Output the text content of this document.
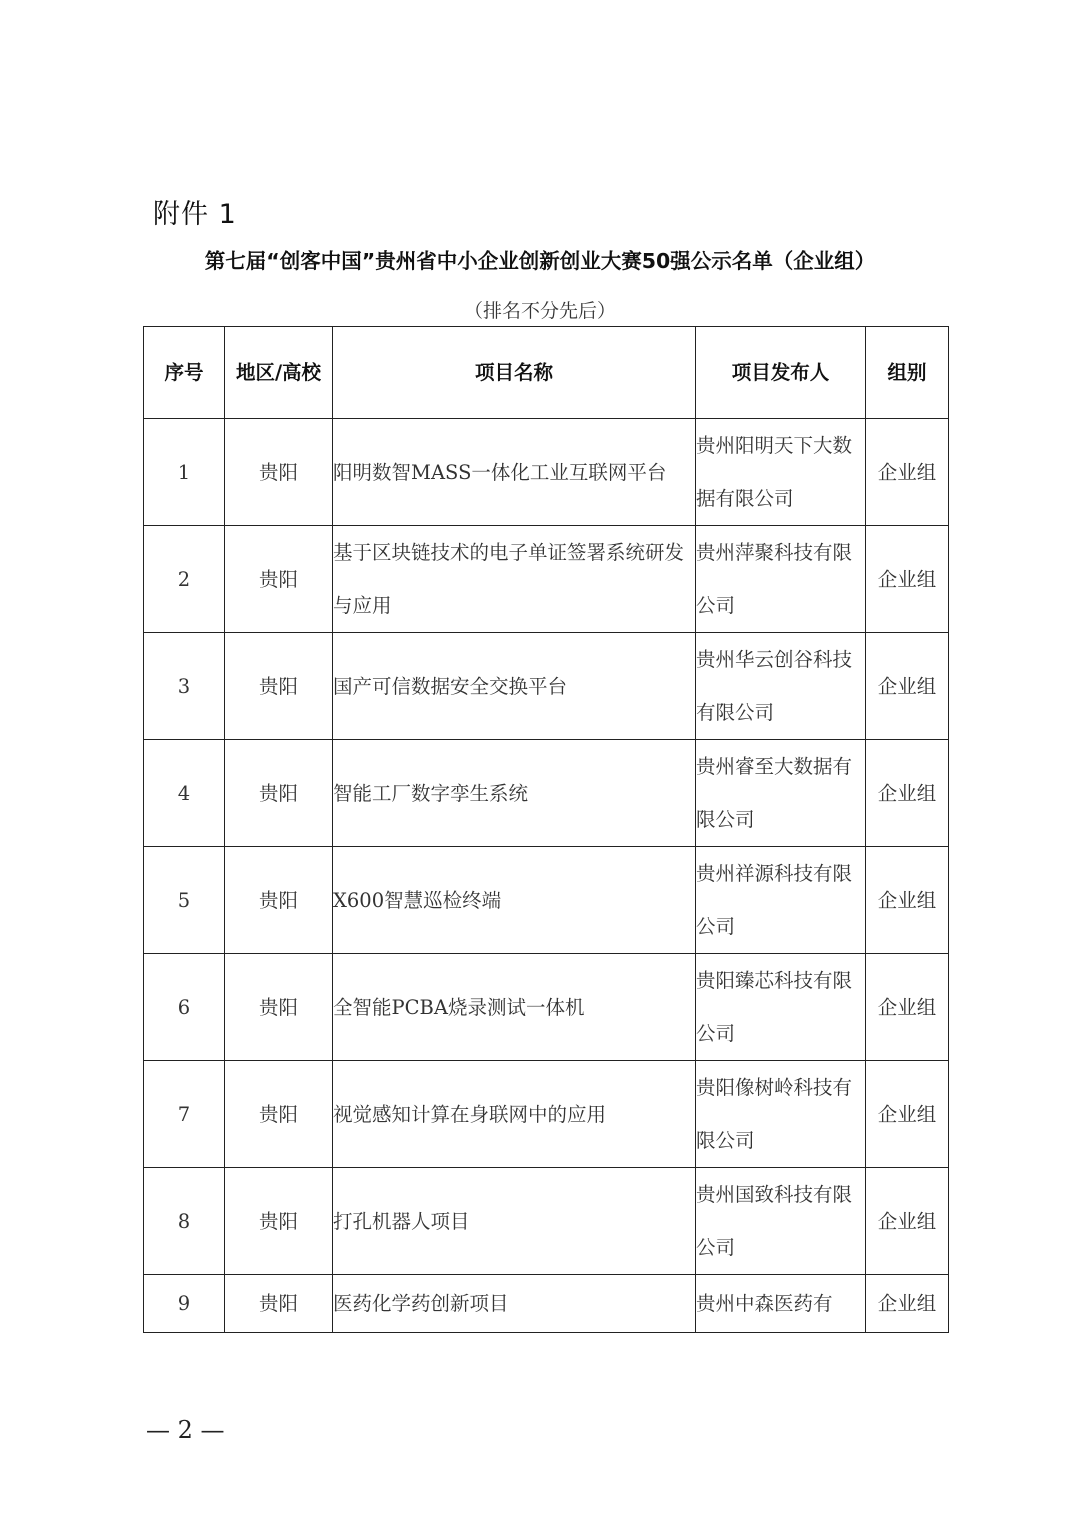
附件 1
第七届“创客中国”贵州省中小企业创新创业大赛50强公示名单（企业组）
（排名不分先后）
序号	地区/高校	项目名称	项目发布人	组别
1	贵阳	阳明数智MASS一体化工业互联网平台	贵州阳明天下大数据有限公司	企业组
2	贵阳	基于区块链技术的电子单证签署系统研发与应用	贵州萍聚科技有限公司	企业组
3	贵阳	国产可信数据安全交换平台	贵州华云创谷科技有限公司	企业组
4	贵阳	智能工厂数字孪生系统	贵州睿至大数据有限公司	企业组
5	贵阳	X600智慧巡检终端	贵州祥源科技有限公司	企业组
6	贵阳	全智能PCBA烧录测试一体机	贵阳臻芯科技有限公司	企业组
7	贵阳	视觉感知计算在身联网中的应用	贵阳像树岭科技有限公司	企业组
8	贵阳	打孔机器人项目	贵州国致科技有限公司	企业组
9	贵阳	医药化学药创新项目	贵州中森医药有	企业组
— 2 —
